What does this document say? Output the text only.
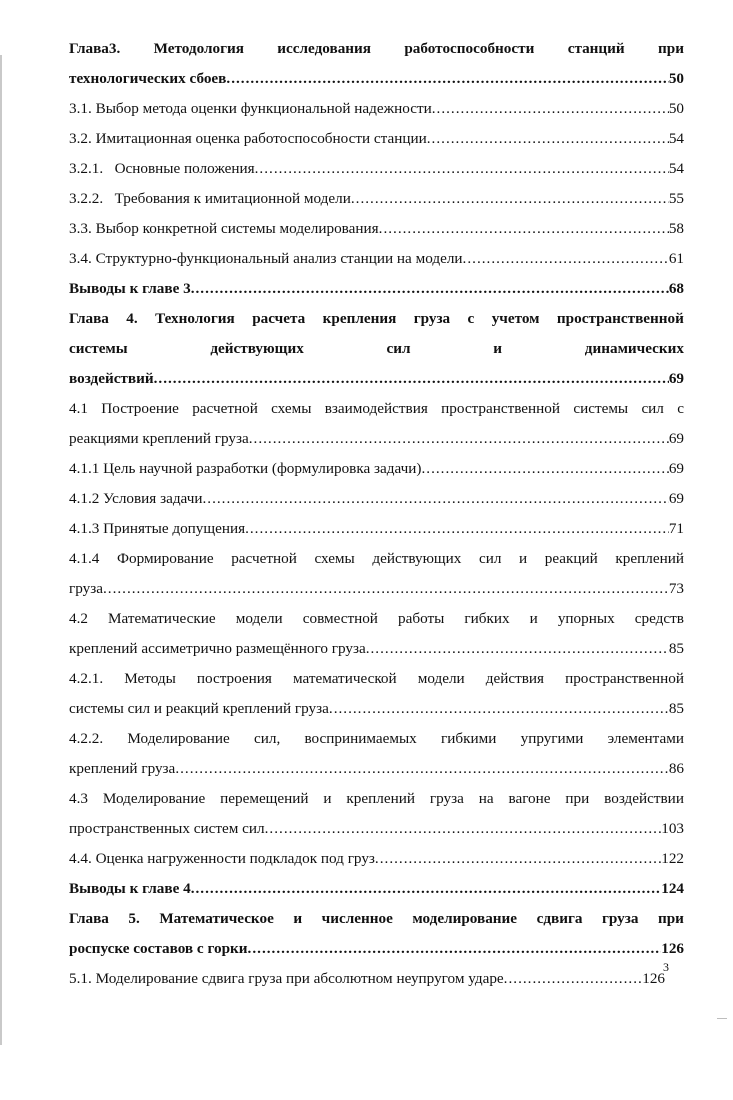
Глава3. Методология исследования работоспособности станций при
технологических сбоев .....	50
3.1. Выбор метода оценки функциональной надежности .....	50
3.2. Имитационная оценка работоспособности станции .....	54
3.2.1.   Основные положения .....	54
3.2.2.   Требования к имитационной модели .....	55
3.3. Выбор конкретной системы моделирования .....	58
3.4. Структурно-функциональный анализ станции на модели .....	61
Выводы к главе 3 .....	68
Глава 4. Технология расчета крепления груза с учетом пространственной
системы	действующих	сил	и	динамических
воздействий .....	69
4.1 Построение расчетной схемы взаимодействия пространственной системы сил с
реакциями креплений груза .....	69
4.1.1 Цель научной разработки (формулировка задачи) .....	69
4.1.2 Условия задачи .....	69
4.1.3 Принятые допущения .....	71
4.1.4 Формирование расчетной схемы действующих сил и реакций креплений
груза .....	73
4.2 Математические модели совместной работы гибких и упорных средств
креплений ассиметрично размещённого груза .....	85
4.2.1. Методы построения математической модели действия пространственной
системы сил и реакций креплений груза .....	85
4.2.2. Моделирование сил, воспринимаемых гибкими упругими элементами
креплений груза .....	86
4.3 Моделирование перемещений и креплений груза на вагоне при воздействии
пространственных систем сил .....	103
4.4. Оценка нагруженности подкладок под груз .....	122
Выводы к главе 4 .....	124
Глава 5. Математическое и численное моделирование сдвига груза при
роспуске составов с горки .....	126
5.1. Моделирование сдвига груза при абсолютном неупругом ударе .....	126
3
